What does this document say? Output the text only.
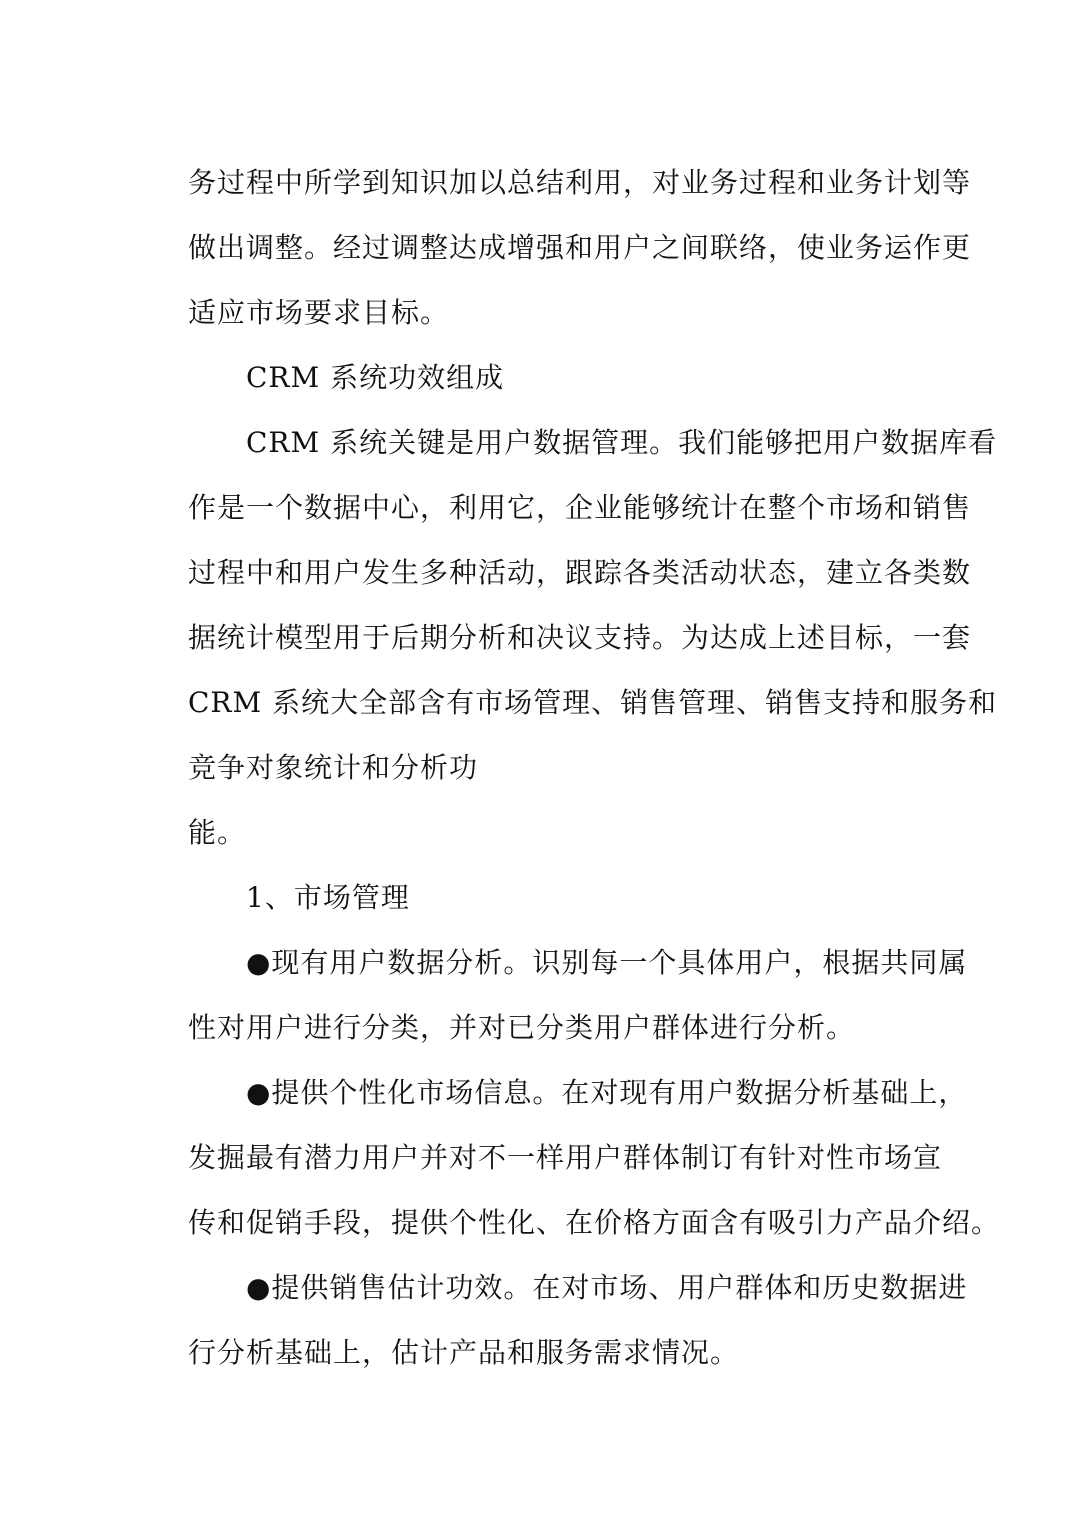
务过程中所学到知识加以总结利用，对业务过程和业务计划等
做出调整。经过调整达成增强和用户之间联络，使业务运作更
适应市场要求目标。
CRM 系统功效组成
CRM 系统关键是用户数据管理。我们能够把用户数据库看
作是一个数据中心，利用它，企业能够统计在整个市场和销售
过程中和用户发生多种活动，跟踪各类活动状态，建立各类数
据统计模型用于后期分析和决议支持。为达成上述目标，一套
CRM 系统大全部含有市场管理、销售管理、销售支持和服务和
竞争对象统计和分析功
能。
1、市场管理
●现有用户数据分析。识别每一个具体用户，根据共同属
性对用户进行分类，并对已分类用户群体进行分析。
●提供个性化市场信息。在对现有用户数据分析基础上，
发掘最有潜力用户并对不一样用户群体制订有针对性市场宣
传和促销手段，提供个性化、在价格方面含有吸引力产品介绍。
●提供销售估计功效。在对市场、用户群体和历史数据进
行分析基础上，估计产品和服务需求情况。
